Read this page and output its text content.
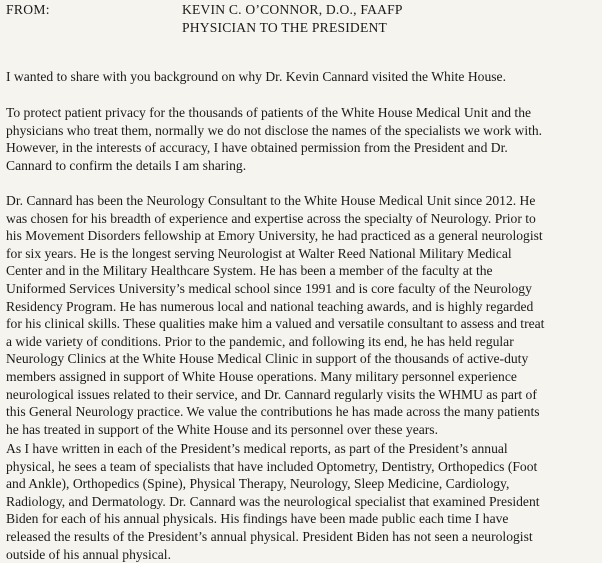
FROM:	KEVIN C. O’CONNOR, D.O., FAAFP
PHYSICIAN TO THE PRESIDENT

I wanted to share with you background on why Dr. Kevin Cannard visited the White House.

To protect patient privacy for the thousands of patients of the White House Medical Unit and the
physicians who treat them, normally we do not disclose the names of the specialists we work with.
However, in the interests of accuracy, I have obtained permission from the President and Dr.
Cannard to confirm the details I am sharing.

Dr. Cannard has been the Neurology Consultant to the White House Medical Unit since 2012. He
was chosen for his breadth of experience and expertise across the specialty of Neurology. Prior to
his Movement Disorders fellowship at Emory University, he had practiced as a general neurologist
for six years. He is the longest serving Neurologist at Walter Reed National Military Medical
Center and in the Military Healthcare System. He has been a member of the faculty at the
Uniformed Services University’s medical school since 1991 and is core faculty of the Neurology
Residency Program. He has numerous local and national teaching awards, and is highly regarded
for his clinical skills. These qualities make him a valued and versatile consultant to assess and treat
a wide variety of conditions. Prior to the pandemic, and following its end, he has held regular
Neurology Clinics at the White House Medical Clinic in support of the thousands of active-duty
members assigned in support of White House operations. Many military personnel experience
neurological issues related to their service, and Dr. Cannard regularly visits the WHMU as part of
this General Neurology practice. We value the contributions he has made across the many patients
he has treated in support of the White House and its personnel over these years.

As I have written in each of the President’s medical reports, as part of the President’s annual
physical, he sees a team of specialists that have included Optometry, Dentistry, Orthopedics (Foot
and Ankle), Orthopedics (Spine), Physical Therapy, Neurology, Sleep Medicine, Cardiology,
Radiology, and Dermatology. Dr. Cannard was the neurological specialist that examined President
Biden for each of his annual physicals. His findings have been made public each time I have
released the results of the President’s annual physical. President Biden has not seen a neurologist
outside of his annual physical.
